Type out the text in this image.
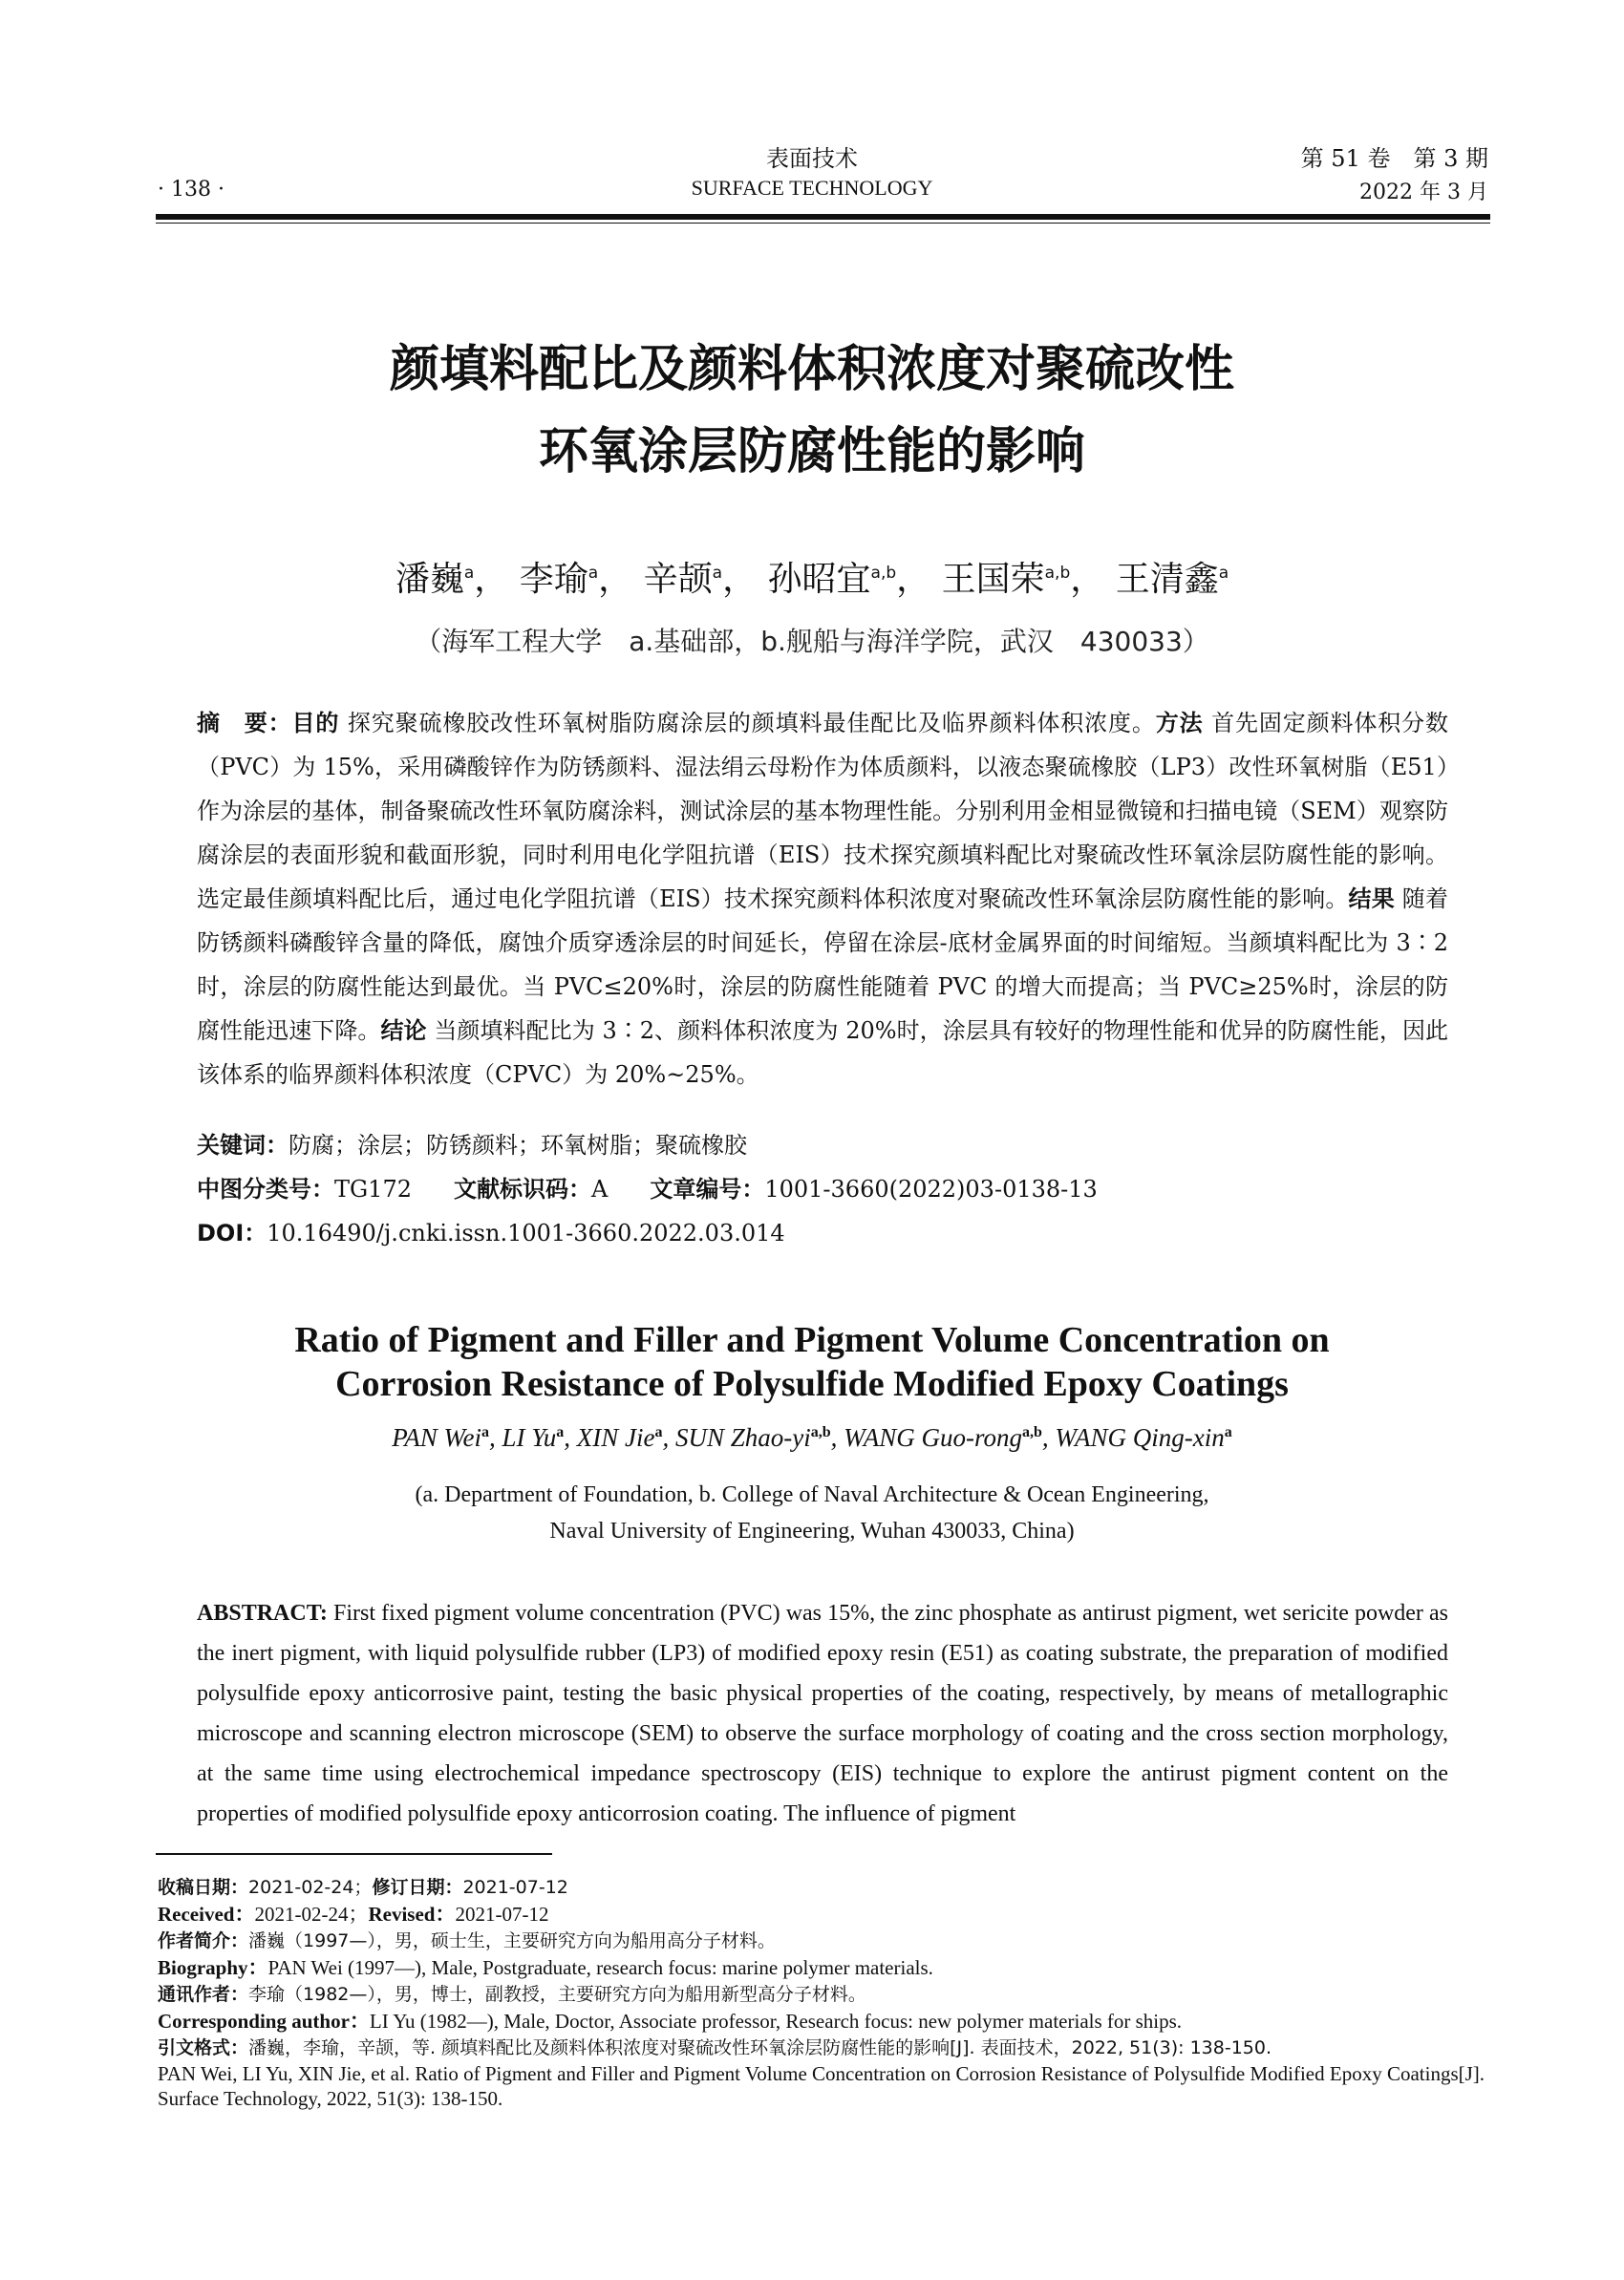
· 138 ·
表面技术
SURFACE TECHNOLOGY
第 51 卷　第 3 期
2022 年 3 月
颜填料配比及颜料体积浓度对聚硫改性
环氧涂层防腐性能的影响
潘巍$^a$， 李瑜$^a$， 辛颉$^a$， 孙昭宜$^{a,b}$， 王国荣$^{a,b}$， 王清鑫$^a$
（海军工程大学　a.基础部，b.舰船与海洋学院，武汉　430033）
摘　要：目的 探究聚硫橡胶改性环氧树脂防腐涂层的颜填料最佳配比及临界颜料体积浓度。方法 首先固定颜料体积分数（PVC）为 15%，采用磷酸锌作为防锈颜料、湿法绢云母粉作为体质颜料，以液态聚硫橡胶（LP3）改性环氧树脂（E51）作为涂层的基体，制备聚硫改性环氧防腐涂料，测试涂层的基本物理性能。分别利用金相显微镜和扫描电镜（SEM）观察防腐涂层的表面形貌和截面形貌，同时利用电化学阻抗谱（EIS）技术探究颜填料配比对聚硫改性环氧涂层防腐性能的影响。选定最佳颜填料配比后，通过电化学阻抗谱（EIS）技术探究颜料体积浓度对聚硫改性环氧涂层防腐性能的影响。结果 随着防锈颜料磷酸锌含量的降低，腐蚀介质穿透涂层的时间延长，停留在涂层-底材金属界面的时间缩短。当颜填料配比为 3∶2 时，涂层的防腐性能达到最优。当 PVC≤20%时，涂层的防腐性能随着 PVC 的增大而提高；当 PVC≥25%时，涂层的防腐性能迅速下降。结论 当颜填料配比为 3∶2、颜料体积浓度为 20%时，涂层具有较好的物理性能和优异的防腐性能，因此该体系的临界颜料体积浓度（CPVC）为 20%~25%。
关键词：防腐；涂层；防锈颜料；环氧树脂；聚硫橡胶
中图分类号：TG172 文献标识码：A 文章编号：1001-3660(2022)03-0138-13
DOI：10.16490/j.cnki.issn.1001-3660.2022.03.014
Ratio of Pigment and Filler and Pigment Volume Concentration on
Corrosion Resistance of Polysulfide Modified Epoxy Coatings
PAN Wei$^a$, LI Yu$^a$, XIN Jie$^a$, SUN Zhao-yi$^{a,b}$, WANG Guo-rong$^{a,b}$, WANG Qing-xin$^a$
(a. Department of Foundation, b. College of Naval Architecture & Ocean Engineering,
Naval University of Engineering, Wuhan 430033, China)
ABSTRACT: First fixed pigment volume concentration (PVC) was 15%, the zinc phosphate as antirust pigment, wet sericite powder as the inert pigment, with liquid polysulfide rubber (LP3) of modified epoxy resin (E51) as coating substrate, the preparation of modified polysulfide epoxy anticorrosive paint, testing the basic physical properties of the coating, respectively, by means of metallographic microscope and scanning electron microscope (SEM) to observe the surface morphology of coating and the cross section morphology, at the same time using electrochemical impedance spectroscopy (EIS) technique to explore the antirust pigment content on the properties of modified polysulfide epoxy anticorrosion coating. The influence of pigment
收稿日期：2021-02-24；修订日期：2021-07-12
Received：2021-02-24；Revised：2021-07-12
作者简介：潘巍（1997—），男，硕士生，主要研究方向为船用高分子材料。
Biography：PAN Wei (1997—), Male, Postgraduate, research focus: marine polymer materials.
通讯作者：李瑜（1982—），男，博士，副教授，主要研究方向为船用新型高分子材料。
Corresponding author：LI Yu (1982—), Male, Doctor, Associate professor, Research focus: new polymer materials for ships.
引文格式：潘巍，李瑜，辛颉，等. 颜填料配比及颜料体积浓度对聚硫改性环氧涂层防腐性能的影响[J]. 表面技术，2022, 51(3): 138-150.
PAN Wei, LI Yu, XIN Jie, et al. Ratio of Pigment and Filler and Pigment Volume Concentration on Corrosion Resistance of Polysulfide Modified Epoxy Coatings[J]. Surface Technology, 2022, 51(3): 138-150.
